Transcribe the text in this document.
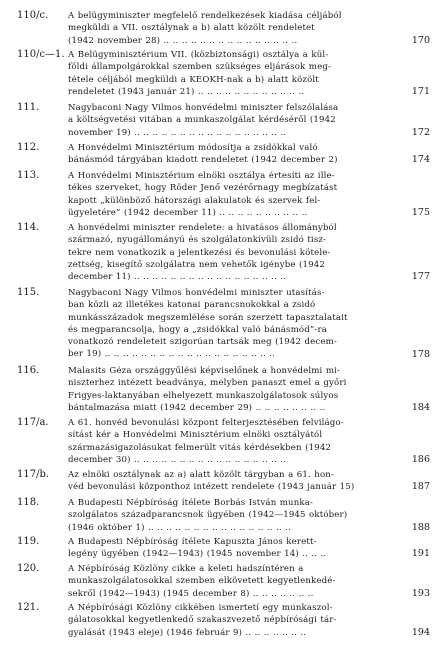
110/c. A belügyminiszter megfelelő rendelkezések kiadása céljából
megküldi a VII. osztálynak a b) alatt közölt rendeletet
(1942 november 28) .. .. .. .. .. .. .. .. .. .. .. .. .. .. ..	170
110/c—1. A Belügyminisztérium VII. (közbiztonsági) osztálya a kül-
földi állampolgárokkal szemben szükséges eljárások meg-
tétele céljából megküldi a KEOKH-nak a b) alatt közölt
rendeletet (1943 január 21) .. .. .. .. .. .. .. .. .. .. .. ..	171
111.	Nagybaconi Nagy Vilmos honvédelmi miniszter felszólalása
a költségvetési vitában a munkaszolgálat kérdéséről (1942
november 19) .. .. .. .. .. .. .. .. .. .. .. .. .. .. .. .. ..	172
112.	A Honvédelmi Minisztérium módosítja a zsidókkal való
bánásmód tárgyában kiadott rendeletet (1942 december 2)	174
113.	A Honvédelmi Minisztérium elnöki osztálya értesíti az ille-
tékes szerveket, hogy Röder Jenő vezérőrnagy megbízatást
kapott „különböző hátországi alakulatok és szervek fel-
ügyeletére” (1942 december 11) .. .. .. .. .. .. .. .. .. ..	175
114.	A honvédelmi miniszter rendelete: a hivatásos állományból
származó, nyugállományú és szolgálatonkívüli zsidó tisz-
tekre nem vonatkozik a jelentkezési és bevonulási kötele-
zettség, kisegítő szolgálatra nem vehetők igénybe (1942
december 11) .. .. .. .. .. .. .. .. .. .. .. .. .. .. .. .. ..	177
115.	Nagybaconi Nagy Vilmos honvédelmi miniszter utasítás-
ban közli az illetékes katonai parancsnokokkal a zsidó
munkásszázadok megszemlélése során szerzett tapasztalatait
és megparancsolja, hogy a „zsidókkal való bánásmód”-ra
vonatkozó rendeleteit szigorúan tartsák meg (1942 decem-
ber 19) .. .. .. .. .. .. .. .. .. .. .. .. .. .. .. .. .. .. ..	178
116.	Malasits Géza országgyűlési képviselőnek a honvédelmi mi-
niszterhez intézett beadványa, melyben panaszt emel a győri
Frigyes-laktanyában elhelyezett munkaszolgálatosok súlyos
bántalmazása miatt (1942 december 29) .. .. .. .. .. .. .. ..	184
117/a. A 61. honvéd bevonulási központ felterjesztésében felvilágo-
sítást kér a Honvédelmi Minisztérium elnöki osztályától
származásigazolásukat felmerült vitás kérdésekben (1942
december 30) .. .. .. .. .. .. .. .. .. .. .. .. .. .. .. .. ..	186
117/b. Az elnöki osztálynak az a) alatt közölt tárgyban a 61. hon-
véd bevonulási központhoz intézett rendelete (1943 január 15)	187
118.	A Budapesti Népbíróság ítélete Borbás István munka-
szolgálatos századparancsnok ügyében (1942—1945 október)
(1946 október 1) .. .. .. .. .. .. .. .. .. .. .. .. .. .. .. ..	188
119.	A Budapesti Népbíróság ítélete Kapuszta János kerett-
legény ügyében (1942—1943) (1945 november 14) .. .. ..	191
120.	A Népbíróság Közlöny cikke a keleti hadszíntéren a
munkaszolgálatosokkal szemben elkövetett kegyetlenkedé-
sekről (1942—1943) (1945 december 8) .. .. .. .. .. .. ..	193
121.	A Népbírósági Közlöny cikkében ismertetí egy munkaszol-
gálatosokkal kegyetlenkedő szakaszvezető népbírósági tár-
gyalását (1943 eleje) (1946 február 9) .. .. .. .. .. .. ..	194
